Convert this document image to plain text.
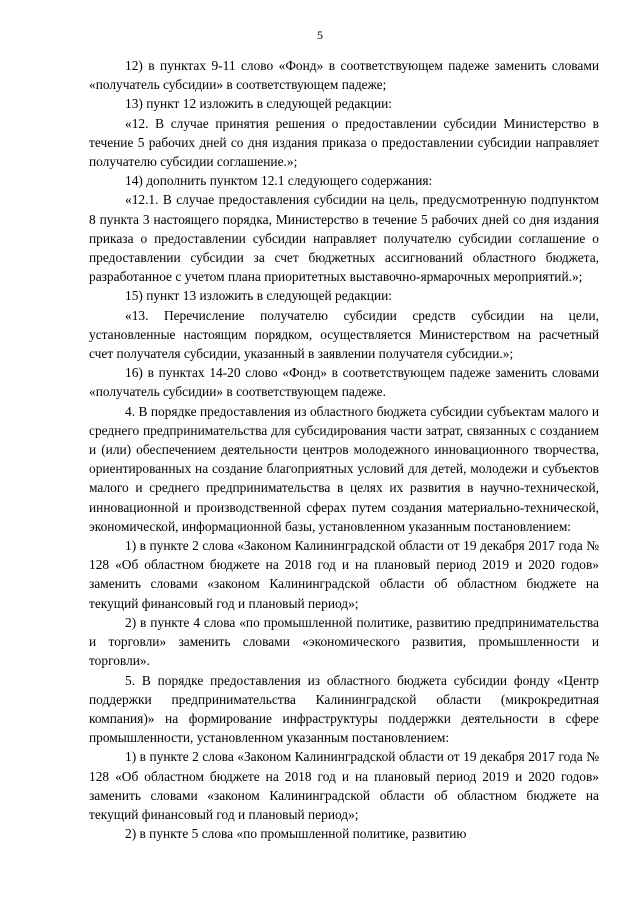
5

12) в пунктах 9-11 слово «Фонд» в соответствующем падеже заменить словами «получатель субсидии» в соответствующем падеже;

13) пункт 12 изложить в следующей редакции:

«12. В случае принятия решения о предоставлении субсидии Министерство в течение 5 рабочих дней со дня издания приказа о предоставлении субсидии направляет получателю субсидии соглашение.»;

14) дополнить пунктом 12.1 следующего содержания:

«12.1. В случае предоставления субсидии на цель, предусмотренную подпунктом 8 пункта 3 настоящего порядка, Министерство в течение 5 рабочих дней со дня издания приказа о предоставлении субсидии направляет получателю субсидии соглашение о предоставлении субсидии за счет бюджетных ассигнований областного бюджета, разработанное с учетом плана приоритетных выставочно-ярмарочных мероприятий.»;

15) пункт 13 изложить в следующей редакции:

«13. Перечисление получателю субсидии средств субсидии на цели, установленные настоящим порядком, осуществляется Министерством на расчетный счет получателя субсидии, указанный в заявлении получателя субсидии.»;

16) в пунктах 14-20 слово «Фонд» в соответствующем падеже заменить словами «получатель субсидии» в соответствующем падеже.

4. В порядке предоставления из областного бюджета субсидии субъектам малого и среднего предпринимательства для субсидирования части затрат, связанных с созданием и (или) обеспечением деятельности центров молодежного инновационного творчества, ориентированных на создание благоприятных условий для детей, молодежи и субъектов малого и среднего предпринимательства в целях их развития в научно-технической, инновационной и производственной сферах путем создания материально-технической, экономической, информационной базы, установленном указанным постановлением:

1) в пункте 2 слова «Законом Калининградской области от 19 декабря 2017 года № 128 «Об областном бюджете на 2018 год и на плановый период 2019 и 2020 годов» заменить словами «законом Калининградской области об областном бюджете на текущий финансовый год и плановый период»;

2) в пункте 4 слова «по промышленной политике, развитию предпринимательства и торговли» заменить словами «экономического развития, промышленности и торговли».

5. В порядке предоставления из областного бюджета субсидии фонду «Центр поддержки предпринимательства Калининградской области (микрокредитная компания)» на формирование инфраструктуры поддержки деятельности в сфере промышленности, установленном указанным постановлением:

1) в пункте 2 слова «Законом Калининградской области от 19 декабря 2017 года № 128 «Об областном бюджете на 2018 год и на плановый период 2019 и 2020 годов» заменить словами «законом Калининградской области об областном бюджете на текущий финансовый год и плановый период»;

2) в пункте 5 слова «по промышленной политике, развитию
